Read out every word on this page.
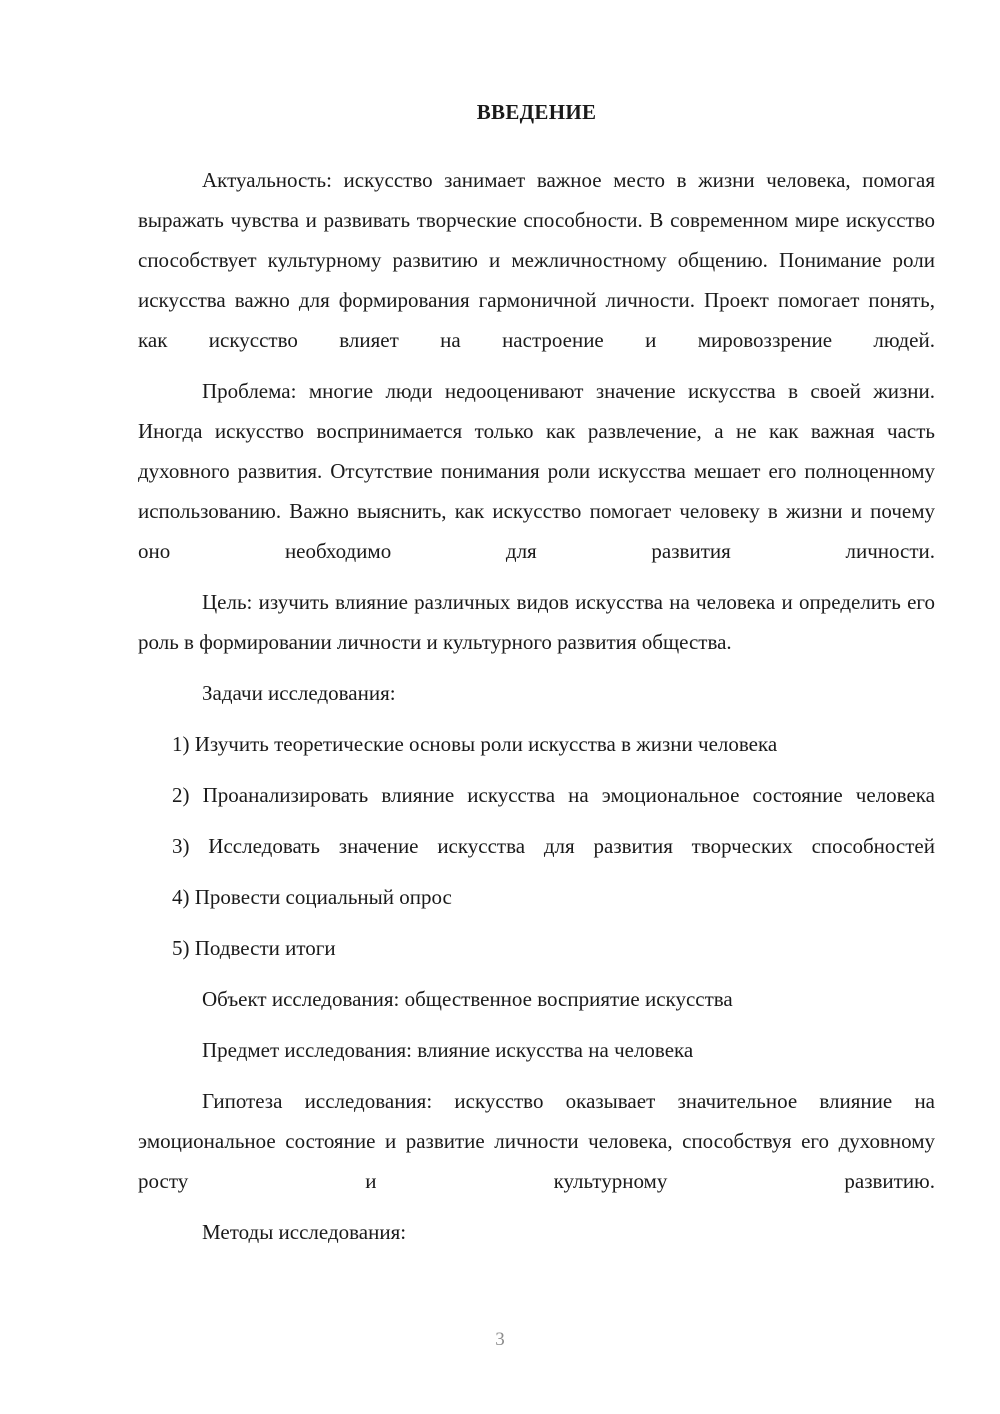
ВВЕДЕНИЕ

Актуальность: искусство занимает важное место в жизни человека, помогая выражать чувства и развивать творческие способности. В современном мире искусство способствует культурному развитию и межличностному общению. Понимание роли искусства важно для формирования гармоничной личности. Проект помогает понять, как искусство влияет на настроение и мировоззрение людей.

Проблема: многие люди недооценивают значение искусства в своей жизни. Иногда искусство воспринимается только как развлечение, а не как важная часть духовного развития. Отсутствие понимания роли искусства мешает его полноценному использованию. Важно выяснить, как искусство помогает человеку в жизни и почему оно необходимо для развития личности.

Цель: изучить влияние различных видов искусства на человека и определить его роль в формировании личности и культурного развития общества.

Задачи исследования:

1) Изучить теоретические основы роли искусства в жизни человека

2) Проанализировать влияние искусства на эмоциональное состояние человека

3) Исследовать значение искусства для развития творческих способностей

4) Провести социальный опрос

5) Подвести итоги

Объект исследования: общественное восприятие искусства

Предмет исследования: влияние искусства на человека

Гипотеза исследования: искусство оказывает значительное влияние на эмоциональное состояние и развитие личности человека, способствуя его духовному росту и культурному развитию.

Методы исследования:

3
